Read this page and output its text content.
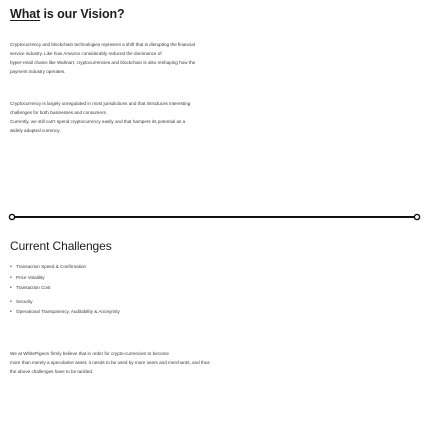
What is our Vision?
Cryptocurrency and blockchain technologies represent a shift that is disrupting the financial
service industry. Like how Amazon considerably reduced the dominance of
hyper-retail chains like Walmart, cryptocurrencies and blockchain is also reshaping how the
payment industry operates.
Cryptocurrency is largely unregulated in most jurisdictions and that introduces interesting
challenges for both businesses and consumers.
Currently, we still can't spend cryptocurrency easily and that hampers its potential as a
widely adopted currency.
Current Challenges
• Transaction Speed & Confirmation
• Price Volatility
• Transaction Cost
• Security
• Operational Transparency, Auditability & Anonymity
We at WhitePigeon firmly believe that in order for crypto-currencies to become
more than merely a speculative asset, it needs to be used by more users and merchants, and thus
the above challenges have to be tackled.
